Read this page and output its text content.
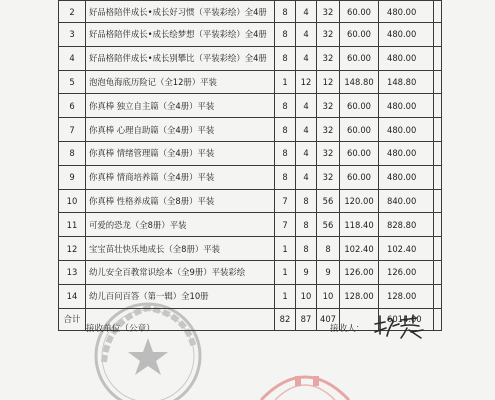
2	好品格陪伴成长•成长好习惯（平装彩绘）全4册	8	4	32	60.00	480.00	
3	好品格陪伴成长•成长绘梦想（平装彩绘）全4册	8	4	32	60.00	480.00	
4	好品格陪伴成长•成长别攀比（平装彩绘）全4册	8	4	32	60.00	480.00	
5	泡泡龟海底历险记（全12册）平装	1	12	12	148.80	148.80	
6	你真棒 独立自主篇（全4册）平装	8	4	32	60.00	480.00	
7	你真棒 心理自助篇（全4册）平装	8	4	32	60.00	480.00	
8	你真棒 情绪管理篇（全4册）平装	8	4	32	60.00	480.00	
9	你真棒 情商培养篇（全4册）平装	8	4	32	60.00	480.00	
10	你真棒 性格养成篇（全8册）平装	7	8	56	120.00	840.00	
11	可爱的恐龙（全8册）平装	7	8	56	118.40	828.80	
12	宝宝苗壮快乐地成长（全8册）平装	1	8	8	102.40	102.40	
13	幼儿安全百教常识绘本（全9册）平装彩绘	1	9	9	126.00	126.00	
14	幼儿百问百答（第一辑）全10册	1	10	10	128.00	128.00	
合计		82	87	407		6014.00	
接收单位（公章）	接收人：
